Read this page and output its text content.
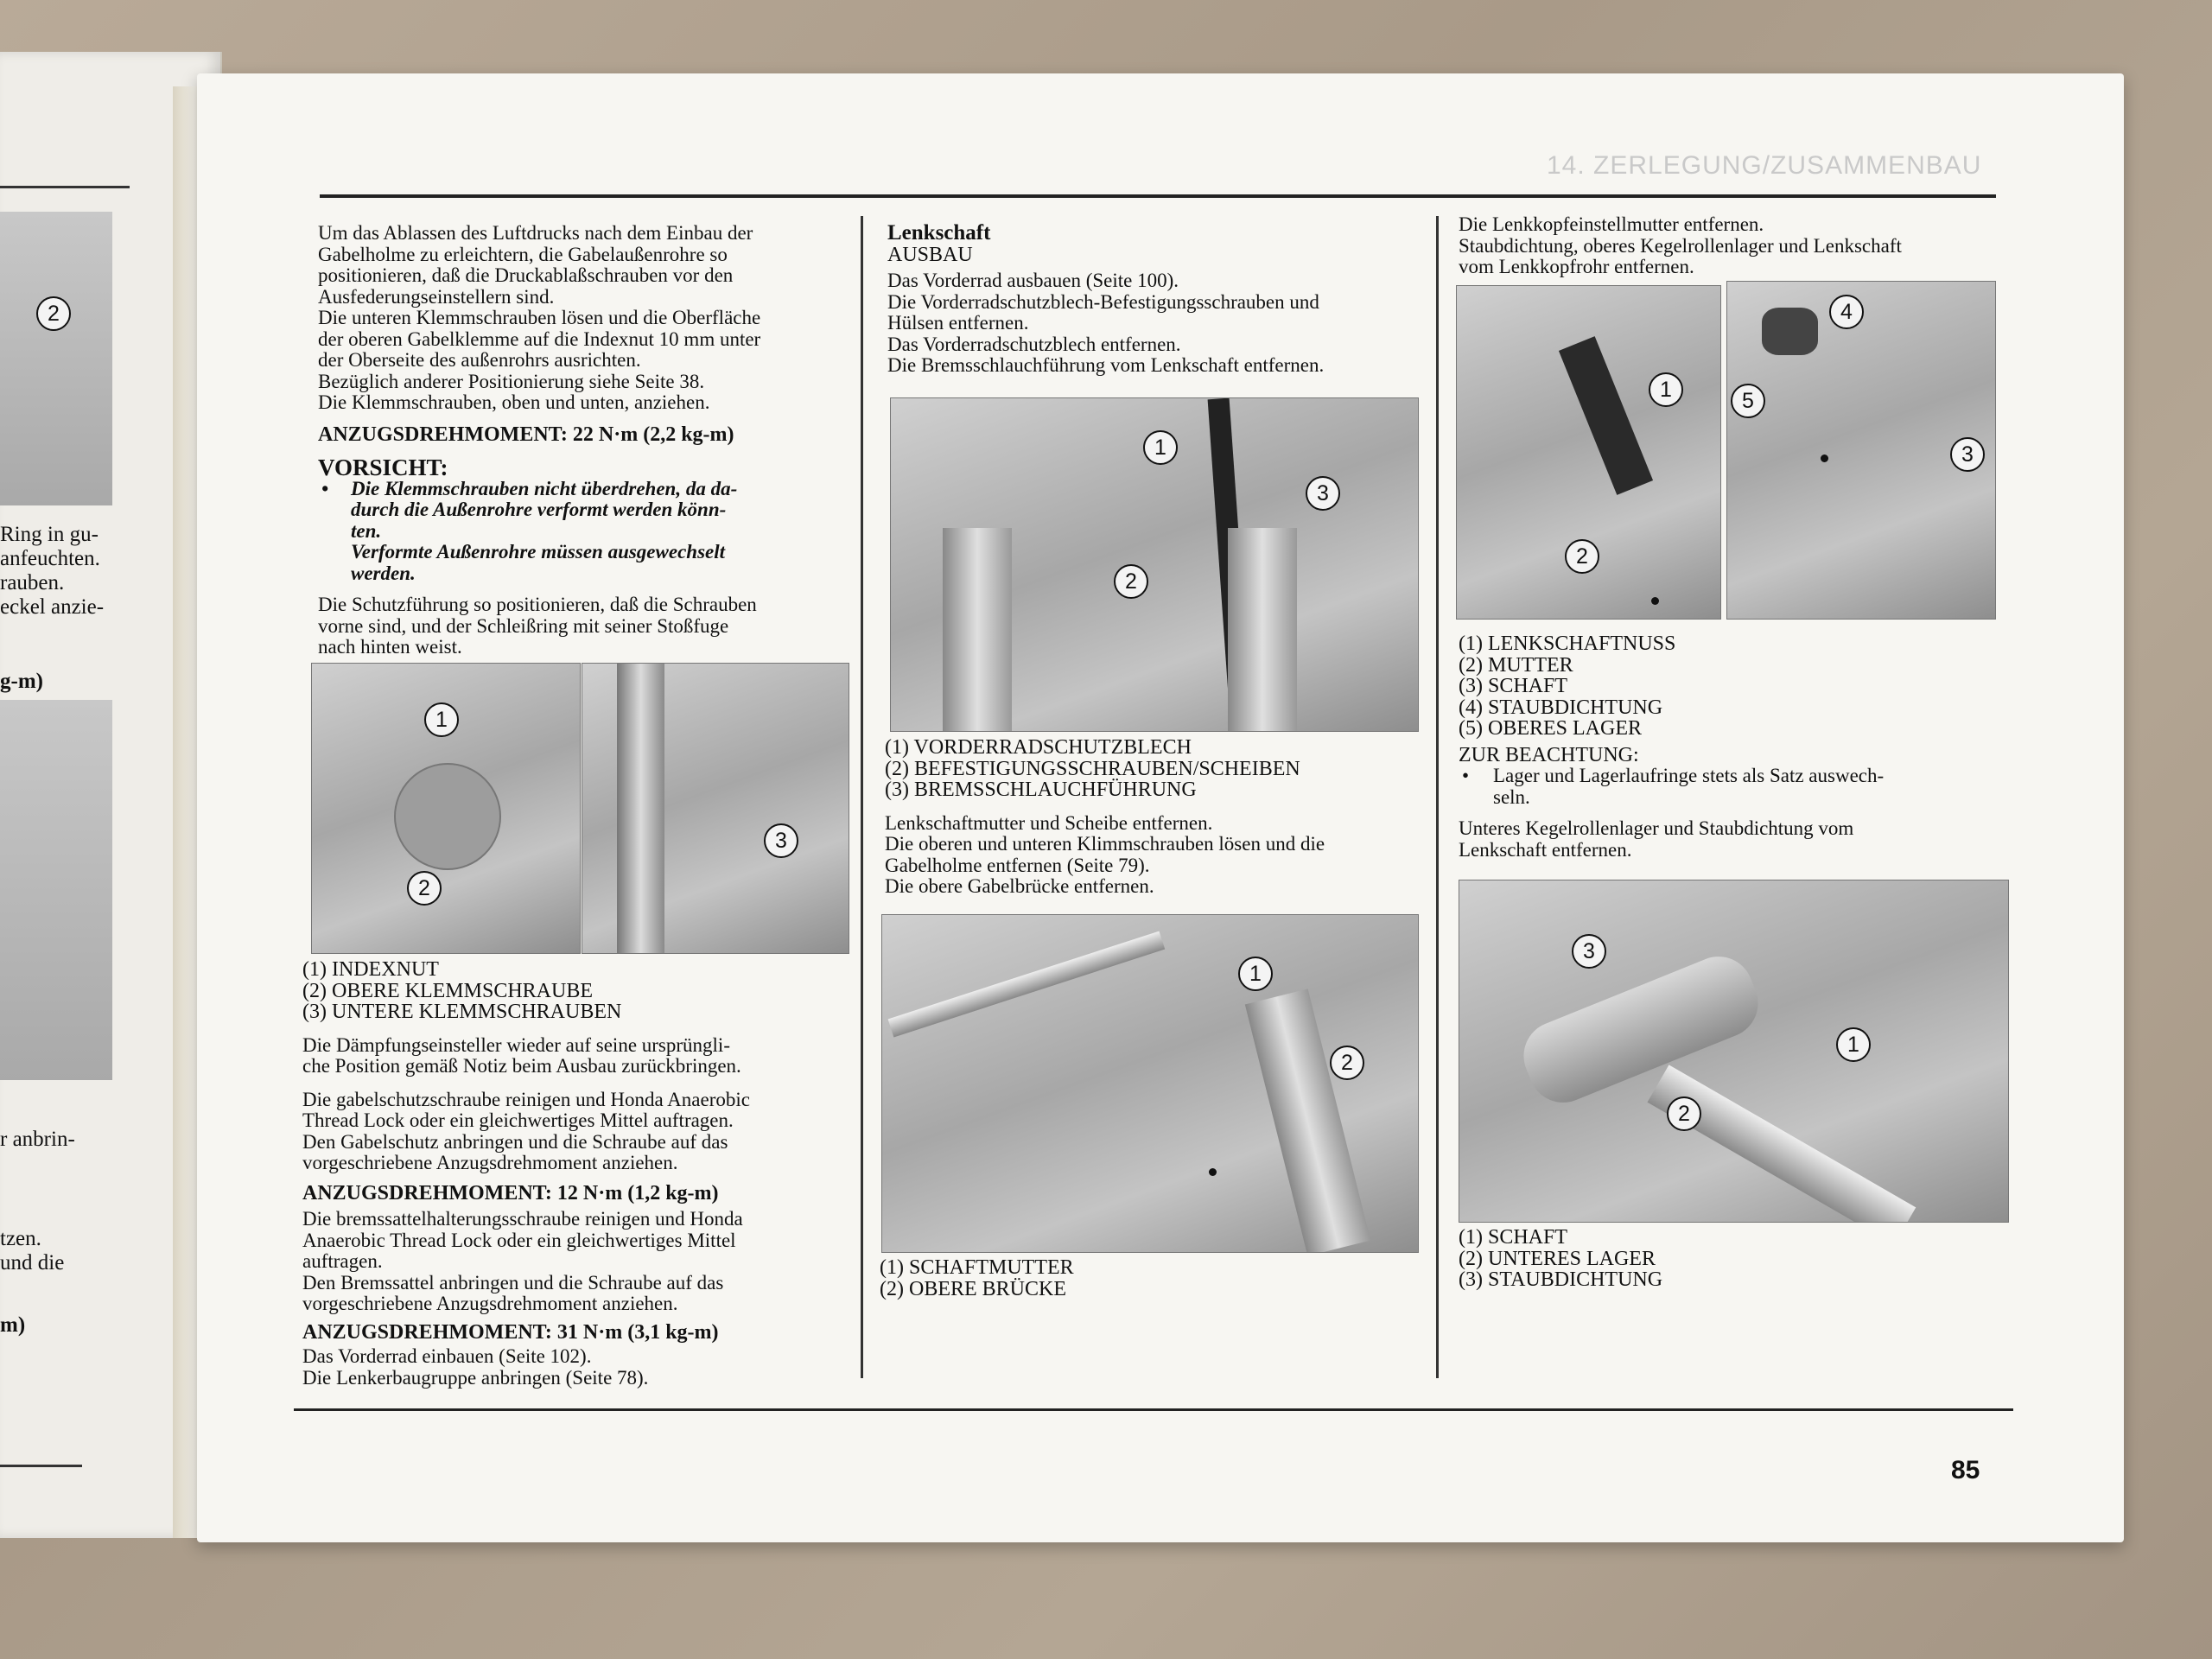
2
Ring in gu-
anfeuchten.
rauben.
eckel anzie-
g-m)
r anbrin-
tzen.
und die
m)
14. ZERLEGUNG/ZUSAMMENBAU
85

Um das Ablassen des Luftdrucks nach dem Einbau der

Gabelholme zu erleichtern, die Gabelaußenrohre so

positionieren, daß die Druckablaßschrauben vor den

Ausfederungseinstellern sind.

Die unteren Klemmschrauben lösen und die Oberfläche

der oberen Gabelklemme auf die Indexnut 10 mm unter

der Oberseite des außenrohrs ausrichten.

Bezüglich anderer Positionierung siehe Seite 38.

Die Klemmschrauben, oben und unten, anziehen.

ANZUGSDREHMOMENT: 22 N·m (2,2 kg-m)

VORSICHT:

• Die Klemmschrauben nicht überdrehen, da da-

durch die Außenrohre verformt werden könn-

ten.

Verformte Außenrohre müssen ausgewechselt

werden.

Die Schutzführung so positionieren, daß die Schrauben

vorne sind, und der Schleißring mit seiner Stoßfuge

nach hinten weist.

1
2
3

(1) INDEXNUT

(2) OBERE KLEMMSCHRAUBE

(3) UNTERE KLEMMSCHRAUBEN

Die Dämpfungseinsteller wieder auf seine ursprüngli-

che Position gemäß Notiz beim Ausbau zurückbringen.

Die gabelschutzschraube reinigen und Honda Anaerobic

Thread Lock oder ein gleichwertiges Mittel auftragen.

Den Gabelschutz anbringen und die Schraube auf das

vorgeschriebene Anzugsdrehmoment anziehen.

ANZUGSDREHMOMENT: 12 N·m (1,2 kg-m)

Die bremssattelhalterungsschraube reinigen und Honda

Anaerobic Thread Lock oder ein gleichwertiges Mittel

auftragen.

Den Bremssattel anbringen und die Schraube auf das

vorgeschriebene Anzugsdrehmoment anziehen.

ANZUGSDREHMOMENT: 31 N·m (3,1 kg-m)

Das Vorderrad einbauen (Seite 102).

Die Lenkerbaugruppe anbringen (Seite 78).

Lenkschaft

AUSBAU

Das Vorderrad ausbauen (Seite 100).

Die Vorderradschutzblech-Befestigungsschrauben und

Hülsen entfernen.

Das Vorderradschutzblech entfernen.

Die Bremsschlauchführung vom Lenkschaft entfernen.

1
2
3

(1) VORDERRADSCHUTZBLECH

(2) BEFESTIGUNGSSCHRAUBEN/SCHEIBEN

(3) BREMSSCHLAUCHFÜHRUNG

Lenkschaftmutter und Scheibe entfernen.

Die oberen und unteren Klimmschrauben lösen und die

Gabelholme entfernen (Seite 79).

Die obere Gabelbrücke entfernen.

1
2

(1) SCHAFTMUTTER

(2) OBERE BRÜCKE

Die Lenkkopfeinstellmutter entfernen.

Staubdichtung, oberes Kegelrollenlager und Lenkschaft

vom Lenkkopfrohr entfernen.

1
2
4
5
3

(1) LENKSCHAFTNUSS

(2) MUTTER

(3) SCHAFT

(4) STAUBDICHTUNG

(5) OBERES LAGER

ZUR BEACHTUNG:

• Lager und Lagerlaufringe stets als Satz auswech-

seln.

Unteres Kegelrollenlager und Staubdichtung vom

Lenkschaft entfernen.

3
2
1

(1) SCHAFT

(2) UNTERES LAGER

(3) STAUBDICHTUNG
